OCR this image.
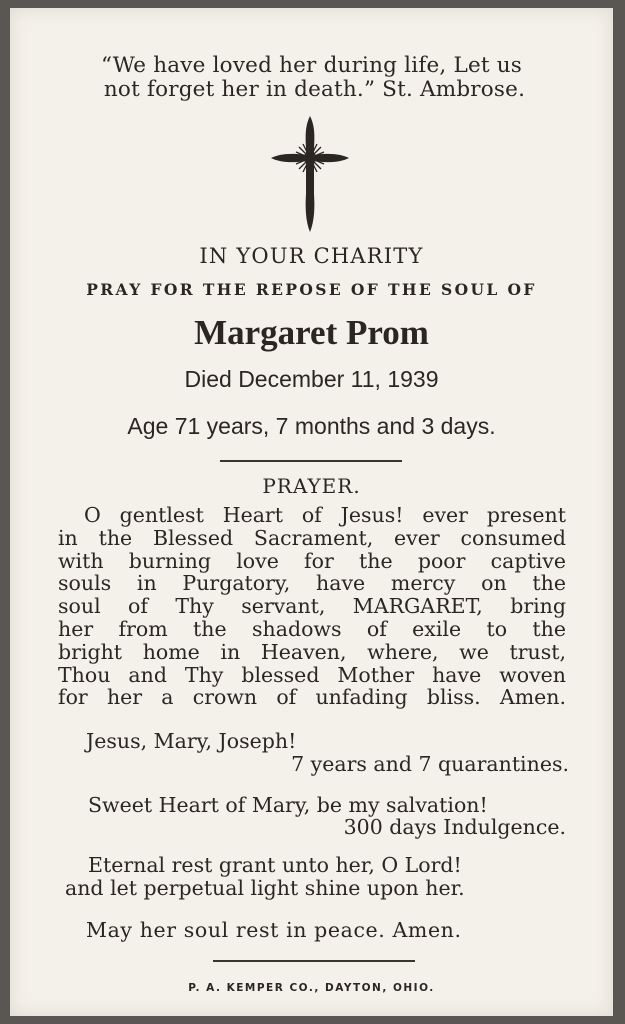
“We have loved her during life, Let us
not forget her in death.” St. Ambrose.
IN YOUR CHARITY
PRAY FOR THE REPOSE OF THE SOUL OF
Margaret Prom
Died December 11, 1939
Age 71 years, 7 months and 3 days.
PRAYER.
O gentlest Heart of Jesus! ever present
in the Blessed Sacrament, ever consumed
with burning love for the poor captive
souls in Purgatory, have mercy on the
soul of Thy servant, MARGARET, bring
her from the shadows of exile to the
bright home in Heaven, where, we trust,
Thou and Thy blessed Mother have woven
for her a crown of unfading bliss. Amen.
Jesus, Mary, Joseph!
7 years and 7 quarantines.
Sweet Heart of Mary, be my salvation!
300 days Indulgence.
Eternal rest grant unto her, O Lord!
and let perpetual light shine upon her.
May her soul rest in peace. Amen.
P. A. KEMPER CO., DAYTON, OHIO.
